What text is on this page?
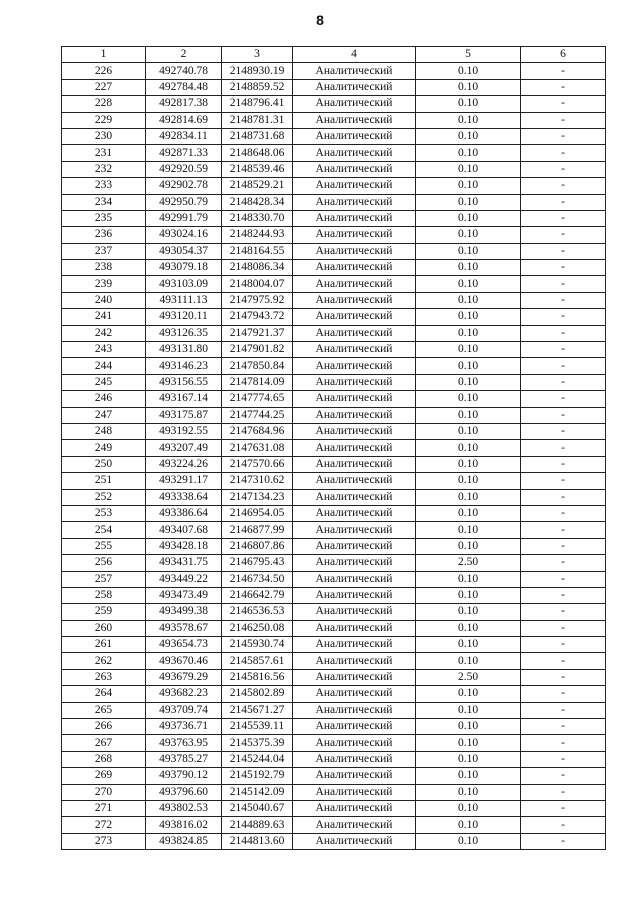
8
1	2	3	4	5	6
226	492740.78	2148930.19	Аналитический	0.10	-
227	492784.48	2148859.52	Аналитический	0.10	-
228	492817.38	2148796.41	Аналитический	0.10	-
229	492814.69	2148781.31	Аналитический	0.10	-
230	492834.11	2148731.68	Аналитический	0.10	-
231	492871.33	2148648.06	Аналитический	0.10	-
232	492920.59	2148539.46	Аналитический	0.10	-
233	492902.78	2148529.21	Аналитический	0.10	-
234	492950.79	2148428.34	Аналитический	0.10	-
235	492991.79	2148330.70	Аналитический	0.10	-
236	493024.16	2148244.93	Аналитический	0.10	-
237	493054.37	2148164.55	Аналитический	0.10	-
238	493079.18	2148086.34	Аналитический	0.10	-
239	493103.09	2148004.07	Аналитический	0.10	-
240	493111.13	2147975.92	Аналитический	0.10	-
241	493120.11	2147943.72	Аналитический	0.10	-
242	493126.35	2147921.37	Аналитический	0.10	-
243	493131.80	2147901.82	Аналитический	0.10	-
244	493146.23	2147850.84	Аналитический	0.10	-
245	493156.55	2147814.09	Аналитический	0.10	-
246	493167.14	2147774.65	Аналитический	0.10	-
247	493175.87	2147744.25	Аналитический	0.10	-
248	493192.55	2147684.96	Аналитический	0.10	-
249	493207.49	2147631.08	Аналитический	0.10	-
250	493224.26	2147570.66	Аналитический	0.10	-
251	493291.17	2147310.62	Аналитический	0.10	-
252	493338.64	2147134.23	Аналитический	0.10	-
253	493386.64	2146954.05	Аналитический	0.10	-
254	493407.68	2146877.99	Аналитический	0.10	-
255	493428.18	2146807.86	Аналитический	0.10	-
256	493431.75	2146795.43	Аналитический	2.50	-
257	493449.22	2146734.50	Аналитический	0.10	-
258	493473.49	2146642.79	Аналитический	0.10	-
259	493499.38	2146536.53	Аналитический	0.10	-
260	493578.67	2146250.08	Аналитический	0.10	-
261	493654.73	2145930.74	Аналитический	0.10	-
262	493670.46	2145857.61	Аналитический	0.10	-
263	493679.29	2145816.56	Аналитический	2.50	-
264	493682.23	2145802.89	Аналитический	0.10	-
265	493709.74	2145671.27	Аналитический	0.10	-
266	493736.71	2145539.11	Аналитический	0.10	-
267	493763.95	2145375.39	Аналитический	0.10	-
268	493785.27	2145244.04	Аналитический	0.10	-
269	493790.12	2145192.79	Аналитический	0.10	-
270	493796.60	2145142.09	Аналитический	0.10	-
271	493802.53	2145040.67	Аналитический	0.10	-
272	493816.02	2144889.63	Аналитический	0.10	-
273	493824.85	2144813.60	Аналитический	0.10	-
